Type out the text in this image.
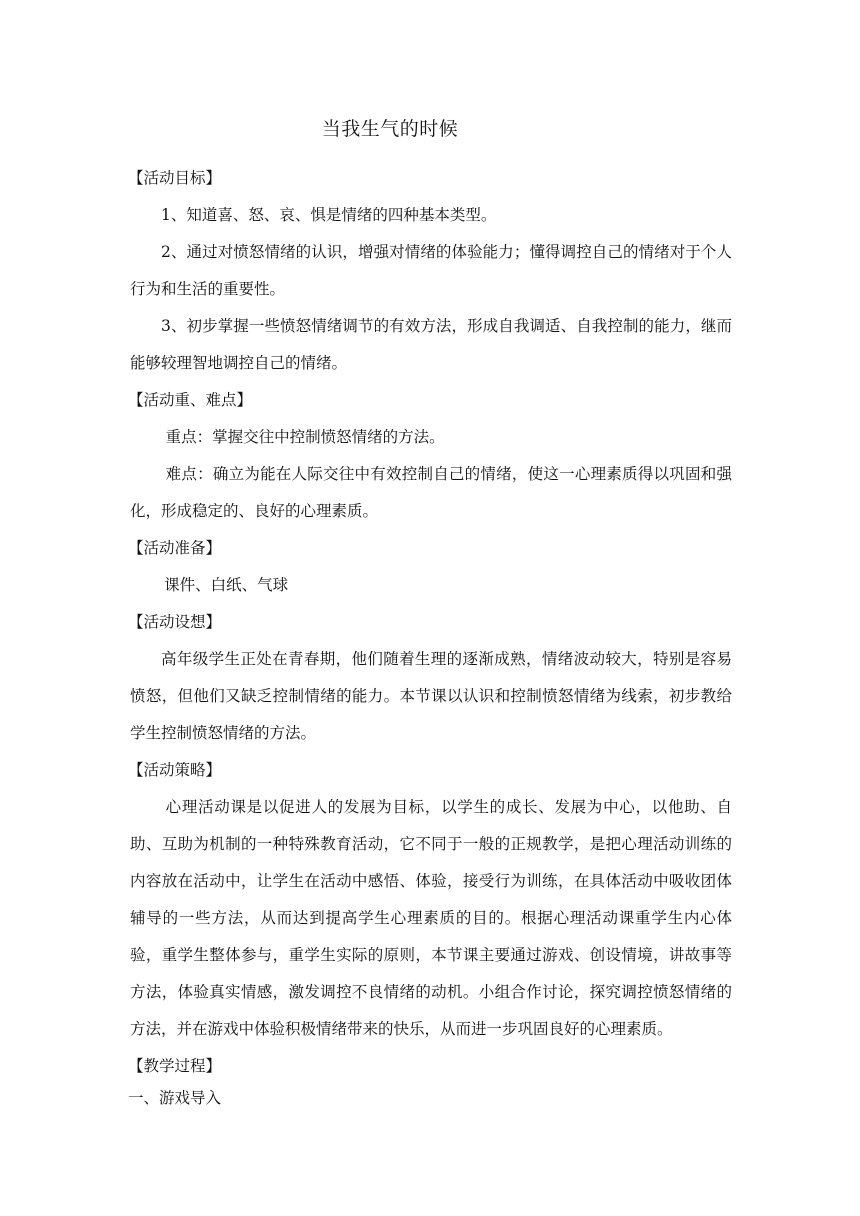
当我生气的时候
【活动目标】
1、知道喜、怒、哀、惧是情绪的四种基本类型。
2、通过对愤怒情绪的认识，增强对情绪的体验能力；懂得调控自己的情绪对于个人行为和生活的重要性。
3、初步掌握一些愤怒情绪调节的有效方法，形成自我调适、自我控制的能力，继而能够较理智地调控自己的情绪。
【活动重、难点】
重点：掌握交往中控制愤怒情绪的方法。
难点：确立为能在人际交往中有效控制自己的情绪，使这一心理素质得以巩固和强化，形成稳定的、良好的心理素质。
【活动准备】
课件、白纸、气球
【活动设想】
高年级学生正处在青春期，他们随着生理的逐渐成熟，情绪波动较大，特别是容易愤怒，但他们又缺乏控制情绪的能力。本节课以认识和控制愤怒情绪为线索，初步教给学生控制愤怒情绪的方法。
【活动策略】
心理活动课是以促进人的发展为目标，以学生的成长、发展为中心，以他助、自助、互助为机制的一种特殊教育活动，它不同于一般的正规教学，是把心理活动训练的内容放在活动中，让学生在活动中感悟、体验，接受行为训练，在具体活动中吸收团体辅导的一些方法，从而达到提高学生心理素质的目的。根据心理活动课重学生内心体验，重学生整体参与，重学生实际的原则，本节课主要通过游戏、创设情境，讲故事等方法，体验真实情感，激发调控不良情绪的动机。小组合作讨论，探究调控愤怒情绪的方法，并在游戏中体验积极情绪带来的快乐，从而进一步巩固良好的心理素质。
【教学过程】
一、游戏导入
